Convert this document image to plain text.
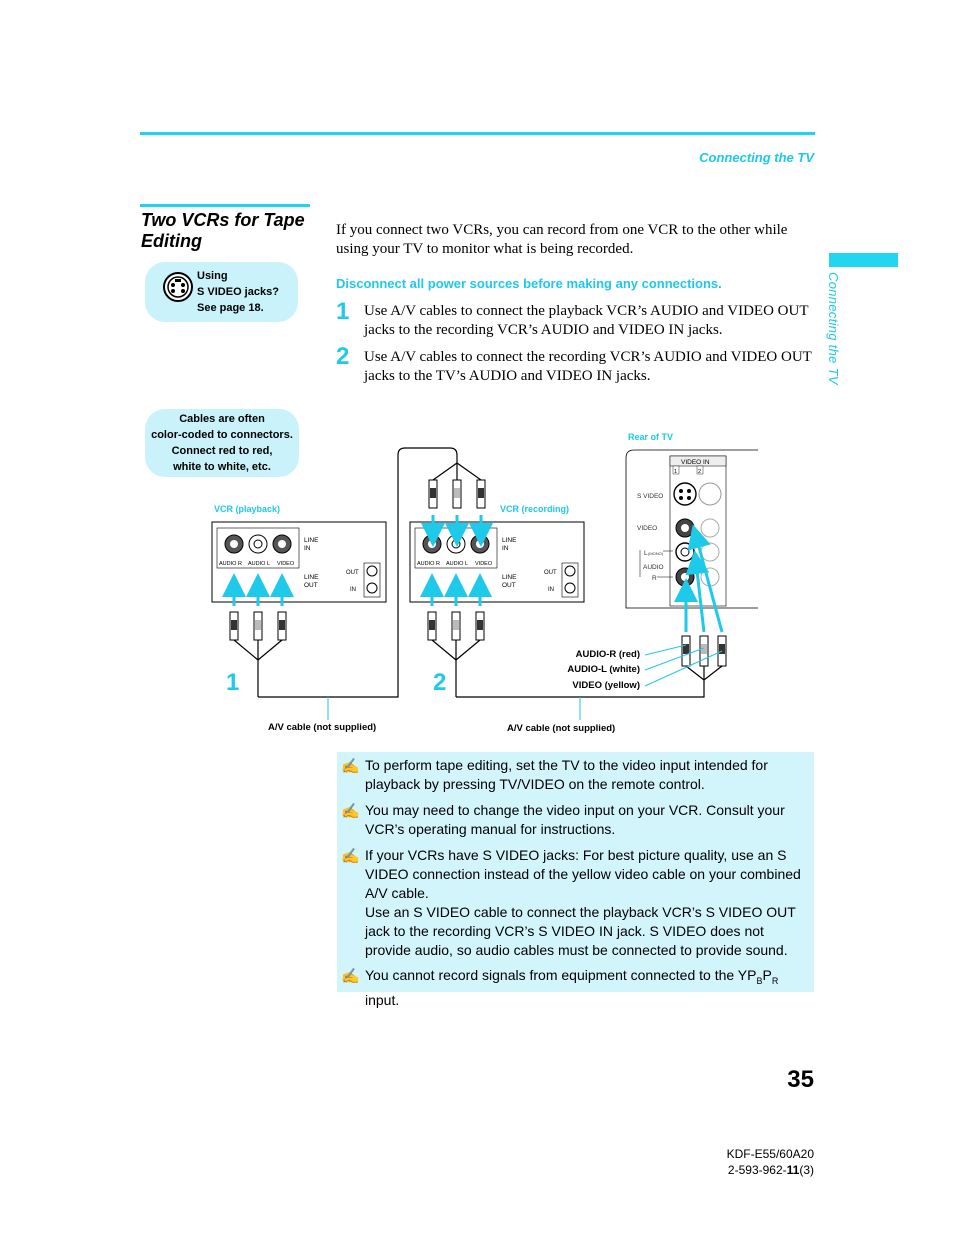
Connecting the TV
Connecting the TV
Two VCRs for Tape Editing
Using
S VIDEO jacks?
See page 18.
Cables are often
color-coded to connectors.
Connect red to red,
white to white, etc.
If you connect two VCRs, you can record from one VCR to the other while using your TV to monitor what is being recorded.
Disconnect all power sources before making any connections.
1 Use A/V cables to connect the playback VCR’s AUDIO and VIDEO OUT jacks to the recording VCR’s AUDIO and VIDEO IN jacks.
2 Use A/V cables to connect the recording VCR’s AUDIO and VIDEO OUT jacks to the TV’s AUDIO and VIDEO IN jacks.
VCR (playback)	VCR (recording)
Rear of TV
AUDIO R AUDIO L VIDEO
LINE
IN
LINE
OUT
OUT
IN
AUDIO R AUDIO L VIDEO
LINE
IN
LINE
OUT
OUT
IN
VIDEO IN
1	2
S VIDEO
VIDEO
L (MONO)
AUDIO
R
AUDIO-R (red)
AUDIO-L (white)
VIDEO (yellow)
1	2
A/V cable (not supplied)	A/V cable (not supplied)
✍ To perform tape editing, set the TV to the video input intended for playback by pressing TV/VIDEO on the remote control.
✍ You may need to change the video input on your VCR. Consult your VCR’s operating manual for instructions.
✍ If your VCRs have S VIDEO jacks: For best picture quality, use an S VIDEO connection instead of the yellow video cable on your combined A/V cable.
Use an S VIDEO cable to connect the playback VCR’s S VIDEO OUT jack to the recording VCR’s S VIDEO IN jack. S VIDEO does not provide audio, so audio cables must be connected to provide sound.
✍ You cannot record signals from equipment connected to the $YP_BP_R$ input.
35
KDF-E55/60A20
2-593-962-11(3)
